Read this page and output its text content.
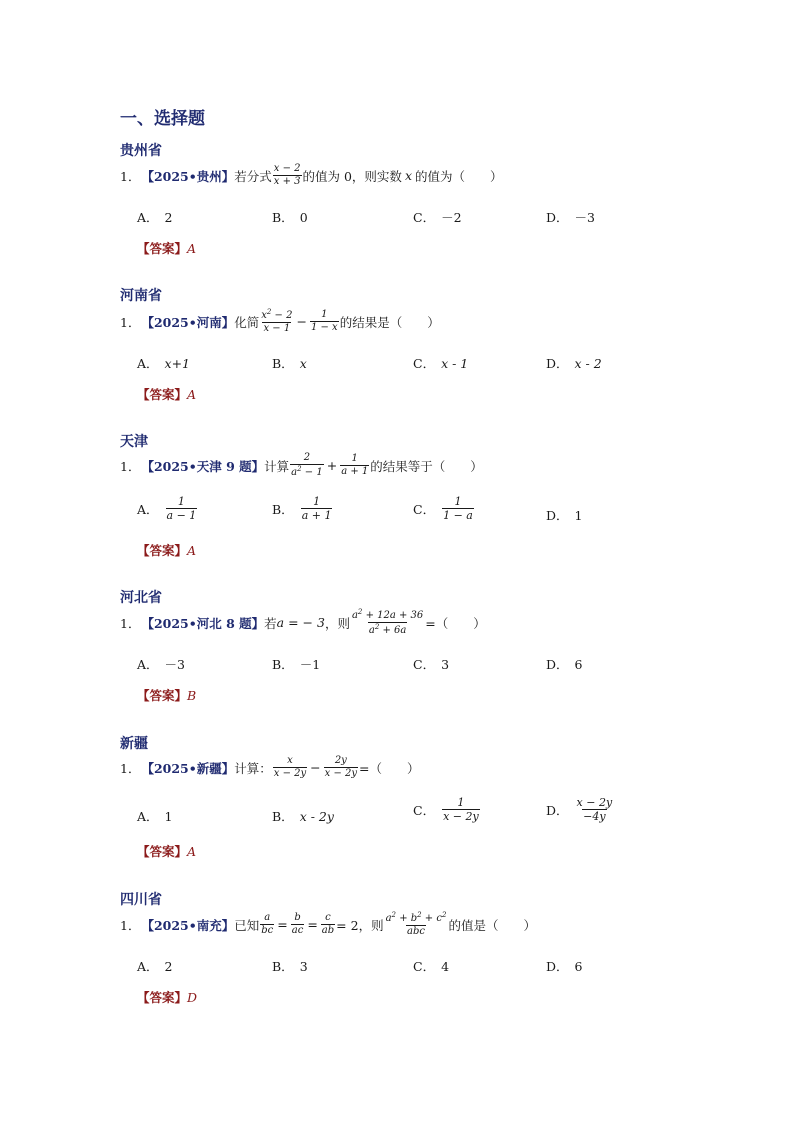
一、选择题
贵州省
1． 【2025•贵州】 若分式 $\frac{x - 2}{x + 3}$ 的值为 0，则实数 x 的值为（　　）
A． 2	B． 0	C． －2	D． －3
【答案】A
河南省
1． 【2025•河南】 化简 $\frac{x^2 - 2}{x - 1} - \frac{1}{1 - x}$ 的结果是（　　）
A． x+1	B． x	C． x - 1	D． x - 2
【答案】A
天津
1． 【2025•天津 9 题】 计算 $\frac{2}{a^2 - 1} + \frac{1}{a + 1}$ 的结果等于（　　）
A． $\frac{1}{a - 1}$	B． $\frac{1}{a + 1}$	C． $\frac{1}{1 - a}$	D． 1
【答案】A
河北省
1． 【2025•河北 8 题】 若 a = − 3 ，则 $\frac{a^2 + 12a + 36}{a^2 + 6a}$ =（　　）
A． －3	B． －1	C． 3	D． 6
【答案】B
新疆
1． 【2025•新疆】 计算： $\frac{x}{x - 2y} - \frac{2y}{x - 2y}$ =（　　）
A． 1	B． x - 2y	C． $\frac{1}{x - 2y}$	D． $\frac{x - 2y}{-4y}$
【答案】A
四川省
1． 【2025•南充】 已知 $\frac{a}{bc} = \frac{b}{ac} = \frac{c}{ab} = 2$，则 $\frac{a^2 + b^2 + c^2}{\text{abc}}$ 的值是（　　）
A． 2	B． 3	C． 4	D． 6
【答案】D
